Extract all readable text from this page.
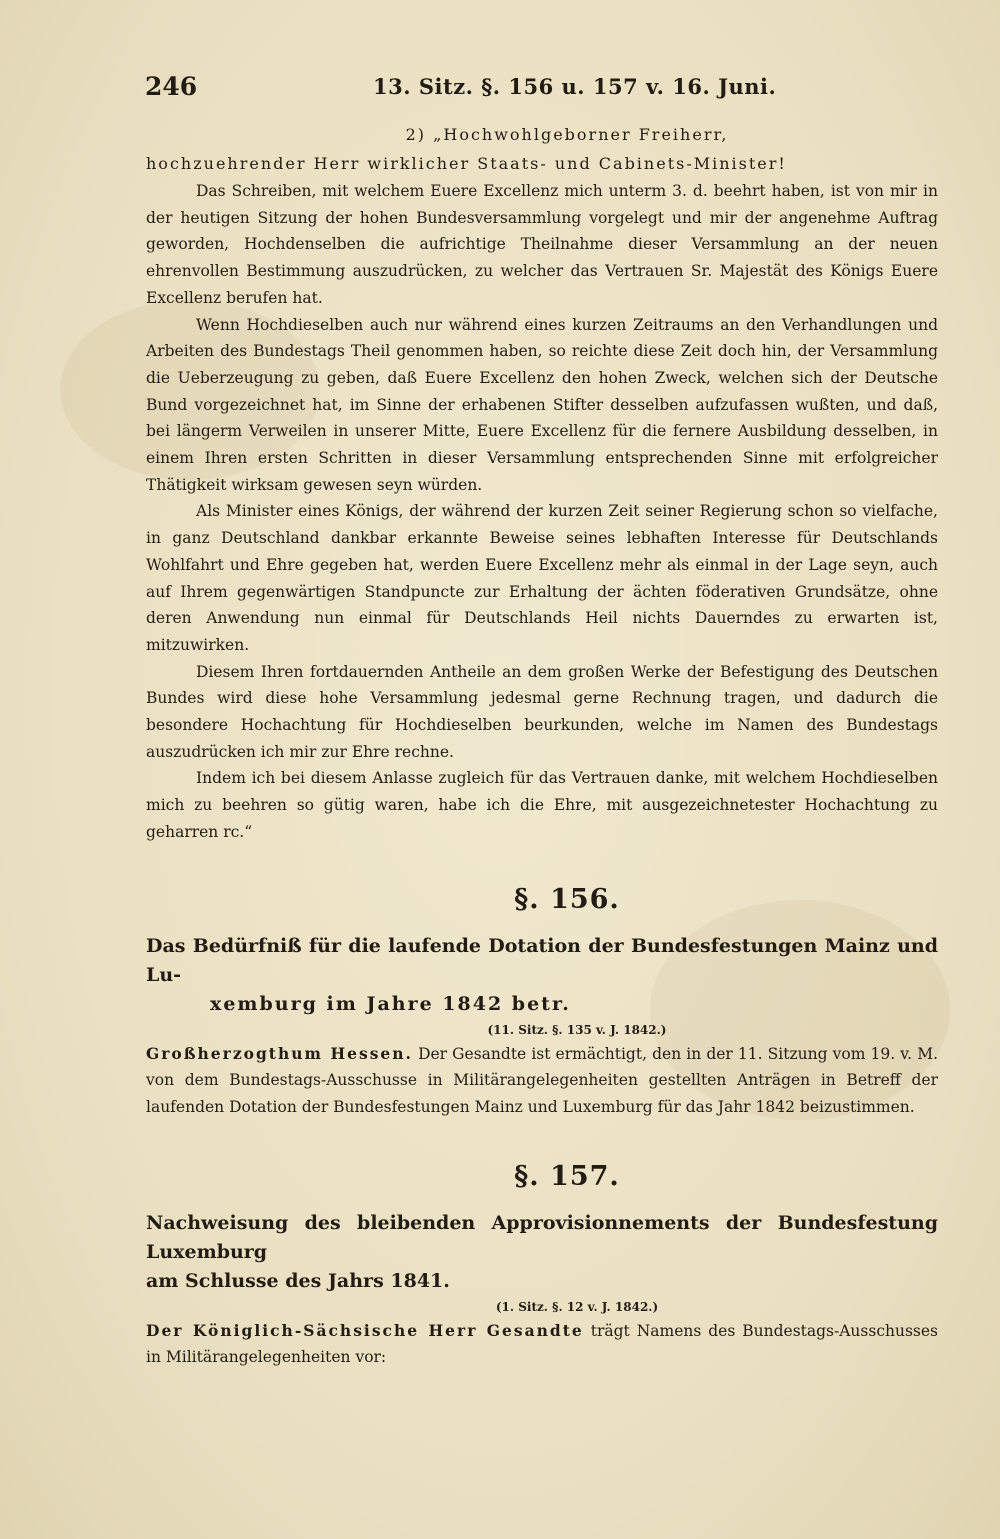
246	13. Sitz. §. 156 u. 157 v. 16. Juni.

2) „Hochwohlgeborner Freiherr,

hochzuehrender Herr wirklicher Staats- und Cabinets-Minister!

Das Schreiben, mit welchem Euere Excellenz mich unterm 3. d. beehrt haben, ist von mir in der heutigen Sitzung der hohen Bundesversammlung vorgelegt und mir der angenehme Auftrag geworden, Hochdenselben die aufrichtige Theilnahme dieser Versammlung an der neuen ehrenvollen Bestimmung auszudrücken, zu welcher das Vertrauen Sr. Majestät des Königs Euere Excellenz berufen hat.

Wenn Hochdieselben auch nur während eines kurzen Zeitraums an den Verhandlungen und Arbeiten des Bundestags Theil genommen haben, so reichte diese Zeit doch hin, der Versammlung die Ueberzeugung zu geben, daß Euere Excellenz den hohen Zweck, welchen sich der Deutsche Bund vorgezeichnet hat, im Sinne der erhabenen Stifter desselben aufzufassen wußten, und daß, bei längerm Verweilen in unserer Mitte, Euere Excellenz für die fernere Ausbildung desselben, in einem Ihren ersten Schritten in dieser Versammlung entsprechenden Sinne mit erfolgreicher Thätigkeit wirksam gewesen seyn würden.

Als Minister eines Königs, der während der kurzen Zeit seiner Regierung schon so vielfache, in ganz Deutschland dankbar erkannte Beweise seines lebhaften Interesse für Deutschlands Wohlfahrt und Ehre gegeben hat, werden Euere Excellenz mehr als einmal in der Lage seyn, auch auf Ihrem gegenwärtigen Standpuncte zur Erhaltung der ächten föderativen Grundsätze, ohne deren Anwendung nun einmal für Deutschlands Heil nichts Dauerndes zu erwarten ist, mitzuwirken.

Diesem Ihren fortdauernden Antheile an dem großen Werke der Befestigung des Deutschen Bundes wird diese hohe Versammlung jedesmal gerne Rechnung tragen, und dadurch die besondere Hochachtung für Hochdieselben beurkunden, welche im Namen des Bundestags auszudrücken ich mir zur Ehre rechne.

Indem ich bei diesem Anlasse zugleich für das Vertrauen danke, mit welchem Hochdieselben mich zu beehren so gütig waren, habe ich die Ehre, mit ausgezeichnetester Hochachtung zu geharren rc.“

§. 156.

Das Bedürfniß für die laufende Dotation der Bundesfestungen Mainz und Lu-
xemburg im Jahre 1842 betr.

(11. Sitz. §. 135 v. J. 1842.)

Großherzogthum Hessen. Der Gesandte ist ermächtigt, den in der 11. Sitzung vom 19. v. M. von dem Bundestags-Ausschusse in Militärangelegenheiten gestellten Anträgen in Betreff der laufenden Dotation der Bundesfestungen Mainz und Luxemburg für das Jahr 1842 beizustimmen.

§. 157.

Nachweisung des bleibenden Approvisionnements der Bundesfestung Luxemburg
am Schlusse des Jahrs 1841.

(1. Sitz. §. 12 v. J. 1842.)

Der Königlich-Sächsische Herr Gesandte trägt Namens des Bundestags-Ausschusses in Militärangelegenheiten vor:
